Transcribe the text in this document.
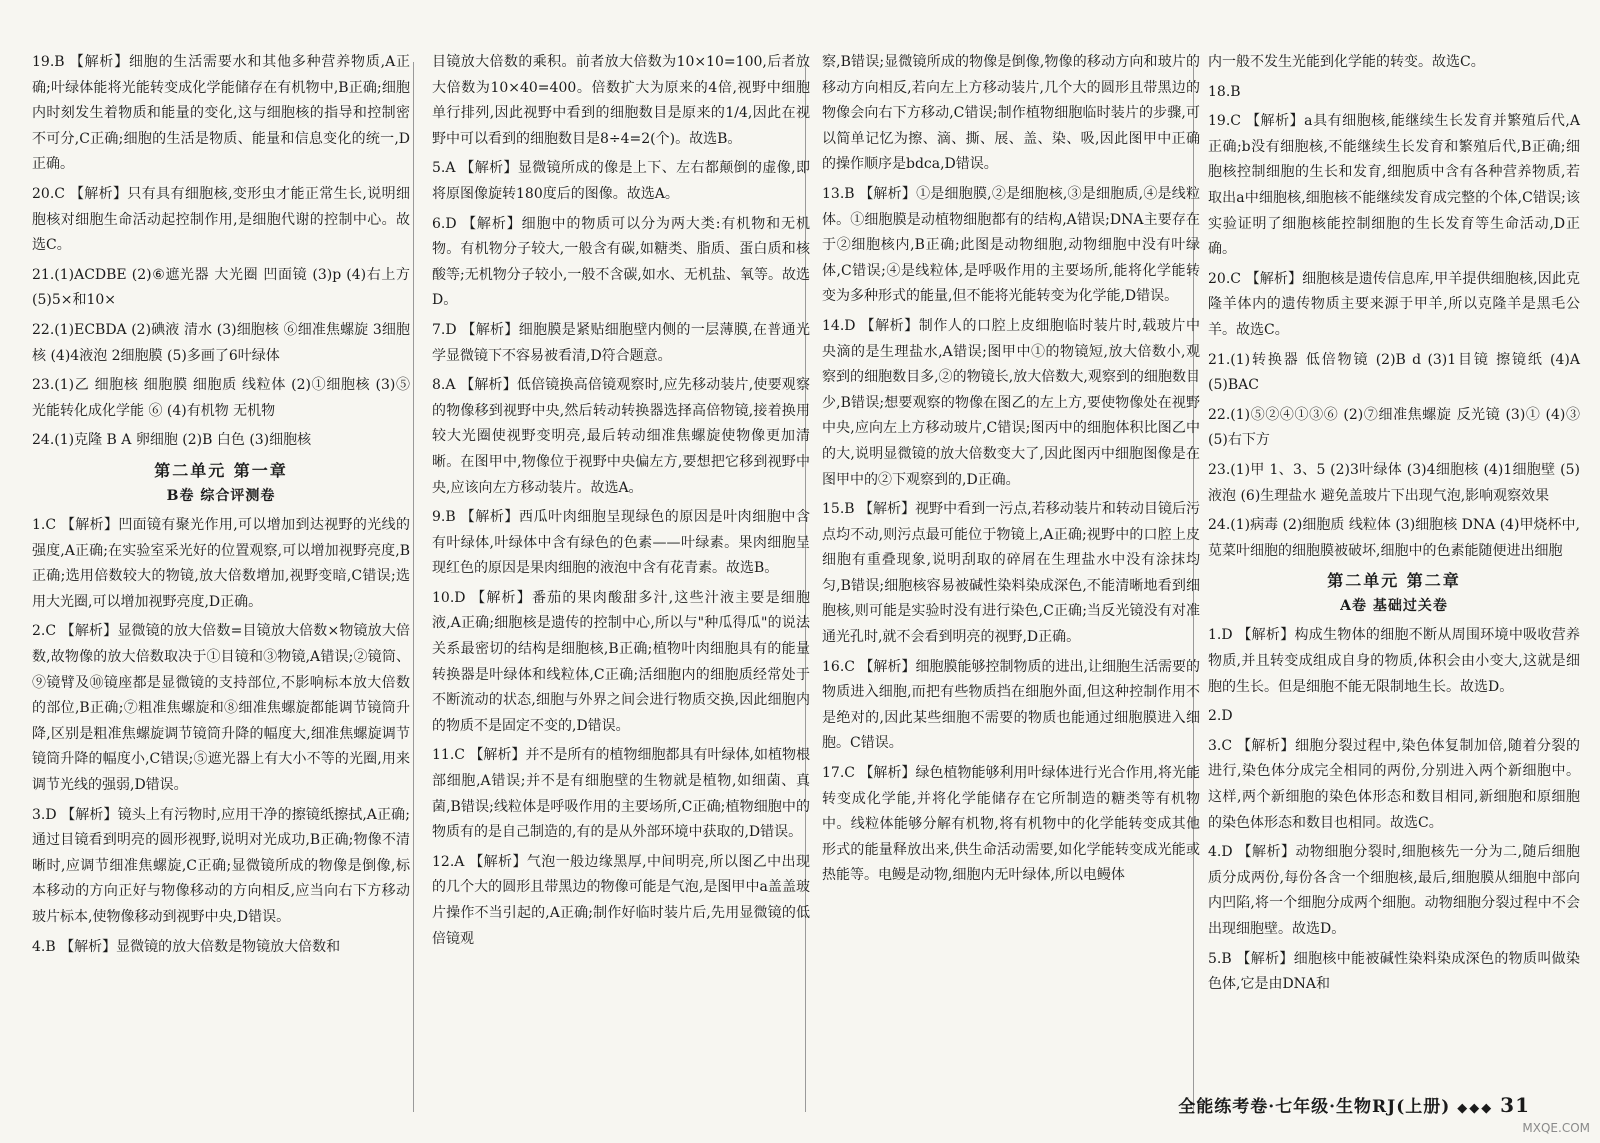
19.B 【解析】细胞的生活需要水和其他多种营养物质,A正确;叶绿体能将光能转变成化学能储存在有机物中,B正确;细胞内时刻发生着物质和能量的变化,这与细胞核的指导和控制密不可分,C正确;细胞的生活是物质、能量和信息变化的统一,D正确。
20.C 【解析】只有具有细胞核,变形虫才能正常生长,说明细胞核对细胞生命活动起控制作用,是细胞代谢的控制中心。故选C。
21.(1)ACDBE (2)⑥遮光器 大光圈 凹面镜 (3)p (4)右上方 (5)5×和10×
22.(1)ECBDA (2)碘液 清水 (3)细胞核 ⑥细准焦螺旋 3细胞核 (4)4液泡 2细胞膜 (5)多画了6叶绿体
23.(1)乙 细胞核 细胞膜 细胞质 线粒体 (2)①细胞核 (3)⑤ 光能转化成化学能 ⑥ (4)有机物 无机物
24.(1)克隆 B A 卵细胞 (2)B 白色 (3)细胞核
第二单元 第一章
B卷 综合评测卷
1.C 【解析】凹面镜有聚光作用,可以增加到达视野的光线的强度,A正确;在实验室采光好的位置观察,可以增加视野亮度,B正确;选用倍数较大的物镜,放大倍数增加,视野变暗,C错误;选用大光圈,可以增加视野亮度,D正确。
2.C 【解析】显微镜的放大倍数=目镜放大倍数×物镜放大倍数,故物像的放大倍数取决于①目镜和③物镜,A错误;②镜筒、⑨镜臂及⑩镜座都是显微镜的支持部位,不影响标本放大倍数的部位,B正确;⑦粗准焦螺旋和⑧细准焦螺旋都能调节镜筒升降,区别是粗准焦螺旋调节镜筒升降的幅度大,细准焦螺旋调节镜筒升降的幅度小,C错误;⑤遮光器上有大小不等的光圈,用来调节光线的强弱,D错误。
3.D 【解析】镜头上有污物时,应用干净的擦镜纸擦拭,A正确;通过目镜看到明亮的圆形视野,说明对光成功,B正确;物像不清晰时,应调节细准焦螺旋,C正确;显微镜所成的物像是倒像,标本移动的方向正好与物像移动的方向相反,应当向右下方移动玻片标本,使物像移动到视野中央,D错误。
4.B 【解析】显微镜的放大倍数是物镜放大倍数和
目镜放大倍数的乘积。前者放大倍数为10×10=100,后者放大倍数为10×40=400。倍数扩大为原来的4倍,视野中细胞单行排列,因此视野中看到的细胞数目是原来的1/4,因此在视野中可以看到的细胞数目是8÷4=2(个)。故选B。
5.A 【解析】显微镜所成的像是上下、左右都颠倒的虚像,即将原图像旋转180度后的图像。故选A。
6.D 【解析】细胞中的物质可以分为两大类:有机物和无机物。有机物分子较大,一般含有碳,如糖类、脂质、蛋白质和核酸等;无机物分子较小,一般不含碳,如水、无机盐、氧等。故选D。
7.D 【解析】细胞膜是紧贴细胞壁内侧的一层薄膜,在普通光学显微镜下不容易被看清,D符合题意。
8.A 【解析】低倍镜换高倍镜观察时,应先移动装片,使要观察的物像移到视野中央,然后转动转换器选择高倍物镜,接着换用较大光圈使视野变明亮,最后转动细准焦螺旋使物像更加清晰。在图甲中,物像位于视野中央偏左方,要想把它移到视野中央,应该向左方移动装片。故选A。
9.B 【解析】西瓜叶肉细胞呈现绿色的原因是叶肉细胞中含有叶绿体,叶绿体中含有绿色的色素——叶绿素。果肉细胞呈现红色的原因是果肉细胞的液泡中含有花青素。故选B。
10.D 【解析】番茄的果肉酸甜多汁,这些汁液主要是细胞液,A正确;细胞核是遗传的控制中心,所以与"种瓜得瓜"的说法关系最密切的结构是细胞核,B正确;植物叶肉细胞具有的能量转换器是叶绿体和线粒体,C正确;活细胞内的细胞质经常处于不断流动的状态,细胞与外界之间会进行物质交换,因此细胞内的物质不是固定不变的,D错误。
11.C 【解析】并不是所有的植物细胞都具有叶绿体,如植物根部细胞,A错误;并不是有细胞壁的生物就是植物,如细菌、真菌,B错误;线粒体是呼吸作用的主要场所,C正确;植物细胞中的物质有的是自己制造的,有的是从外部环境中获取的,D错误。
12.A 【解析】气泡一般边缘黑厚,中间明亮,所以图乙中出现的几个大的圆形且带黑边的物像可能是气泡,是图甲中a盖盖玻片操作不当引起的,A正确;制作好临时装片后,先用显微镜的低倍镜观
察,B错误;显微镜所成的物像是倒像,物像的移动方向和玻片的移动方向相反,若向左上方移动装片,几个大的圆形且带黑边的物像会向右下方移动,C错误;制作植物细胞临时装片的步骤,可以简单记忆为擦、滴、撕、展、盖、染、吸,因此图甲中正确的操作顺序是bdca,D错误。
13.B 【解析】①是细胞膜,②是细胞核,③是细胞质,④是线粒体。①细胞膜是动植物细胞都有的结构,A错误;DNA主要存在于②细胞核内,B正确;此图是动物细胞,动物细胞中没有叶绿体,C错误;④是线粒体,是呼吸作用的主要场所,能将化学能转变为多种形式的能量,但不能将光能转变为化学能,D错误。
14.D 【解析】制作人的口腔上皮细胞临时装片时,载玻片中央滴的是生理盐水,A错误;图甲中①的物镜短,放大倍数小,观察到的细胞数目多,②的物镜长,放大倍数大,观察到的细胞数目少,B错误;想要观察的物像在图乙的左上方,要使物像处在视野中央,应向左上方移动玻片,C错误;图丙中的细胞体积比图乙中的大,说明显微镜的放大倍数变大了,因此图丙中细胞图像是在图甲中的②下观察到的,D正确。
15.B 【解析】视野中看到一污点,若移动装片和转动目镜后污点均不动,则污点最可能位于物镜上,A正确;视野中的口腔上皮细胞有重叠现象,说明刮取的碎屑在生理盐水中没有涂抹均匀,B错误;细胞核容易被碱性染料染成深色,不能清晰地看到细胞核,则可能是实验时没有进行染色,C正确;当反光镜没有对准通光孔时,就不会看到明亮的视野,D正确。
16.C 【解析】细胞膜能够控制物质的进出,让细胞生活需要的物质进入细胞,而把有些物质挡在细胞外面,但这种控制作用不是绝对的,因此某些细胞不需要的物质也能通过细胞膜进入细胞。C错误。
17.C 【解析】绿色植物能够利用叶绿体进行光合作用,将光能转变成化学能,并将化学能储存在它所制造的糖类等有机物中。线粒体能够分解有机物,将有机物中的化学能转变成其他形式的能量释放出来,供生命活动需要,如化学能转变成光能或热能等。电鳗是动物,细胞内无叶绿体,所以电鳗体
内一般不发生光能到化学能的转变。故选C。
18.B
19.C 【解析】a具有细胞核,能继续生长发育并繁殖后代,A正确;b没有细胞核,不能继续生长发育和繁殖后代,B正确;细胞核控制细胞的生长和发育,细胞质中含有各种营养物质,若取出a中细胞核,细胞核不能继续发育成完整的个体,C错误;该实验证明了细胞核能控制细胞的生长发育等生命活动,D正确。
20.C 【解析】细胞核是遗传信息库,甲羊提供细胞核,因此克隆羊体内的遗传物质主要来源于甲羊,所以克隆羊是黑毛公羊。故选C。
21.(1)转换器 低倍物镜 (2)B d (3)1目镜 擦镜纸 (4)A (5)BAC
22.(1)⑤②④①③⑥ (2)⑦细准焦螺旋 反光镜 (3)① (4)③ (5)右下方
23.(1)甲 1、3、5 (2)3叶绿体 (3)4细胞核 (4)1细胞壁 (5)液泡 (6)生理盐水 避免盖玻片下出现气泡,影响观察效果
24.(1)病毒 (2)细胞质 线粒体 (3)细胞核 DNA (4)甲烧杯中,苋菜叶细胞的细胞膜被破坏,细胞中的色素能随便进出细胞
第二单元 第二章
A卷 基础过关卷
1.D 【解析】构成生物体的细胞不断从周围环境中吸收营养物质,并且转变成组成自身的物质,体积会由小变大,这就是细胞的生长。但是细胞不能无限制地生长。故选D。
2.D
3.C 【解析】细胞分裂过程中,染色体复制加倍,随着分裂的进行,染色体分成完全相同的两份,分别进入两个新细胞中。这样,两个新细胞的染色体形态和数目相同,新细胞和原细胞的染色体形态和数目也相同。故选C。
4.D 【解析】动物细胞分裂时,细胞核先一分为二,随后细胞质分成两份,每份各含一个细胞核,最后,细胞膜从细胞中部向内凹陷,将一个细胞分成两个细胞。动物细胞分裂过程中不会出现细胞壁。故选D。
5.B 【解析】细胞核中能被碱性染料染成深色的物质叫做染色体,它是由DNA和
全能练考卷·七年级·生物RJ(上册) ◆◆◆ 31
MXQE.COM
